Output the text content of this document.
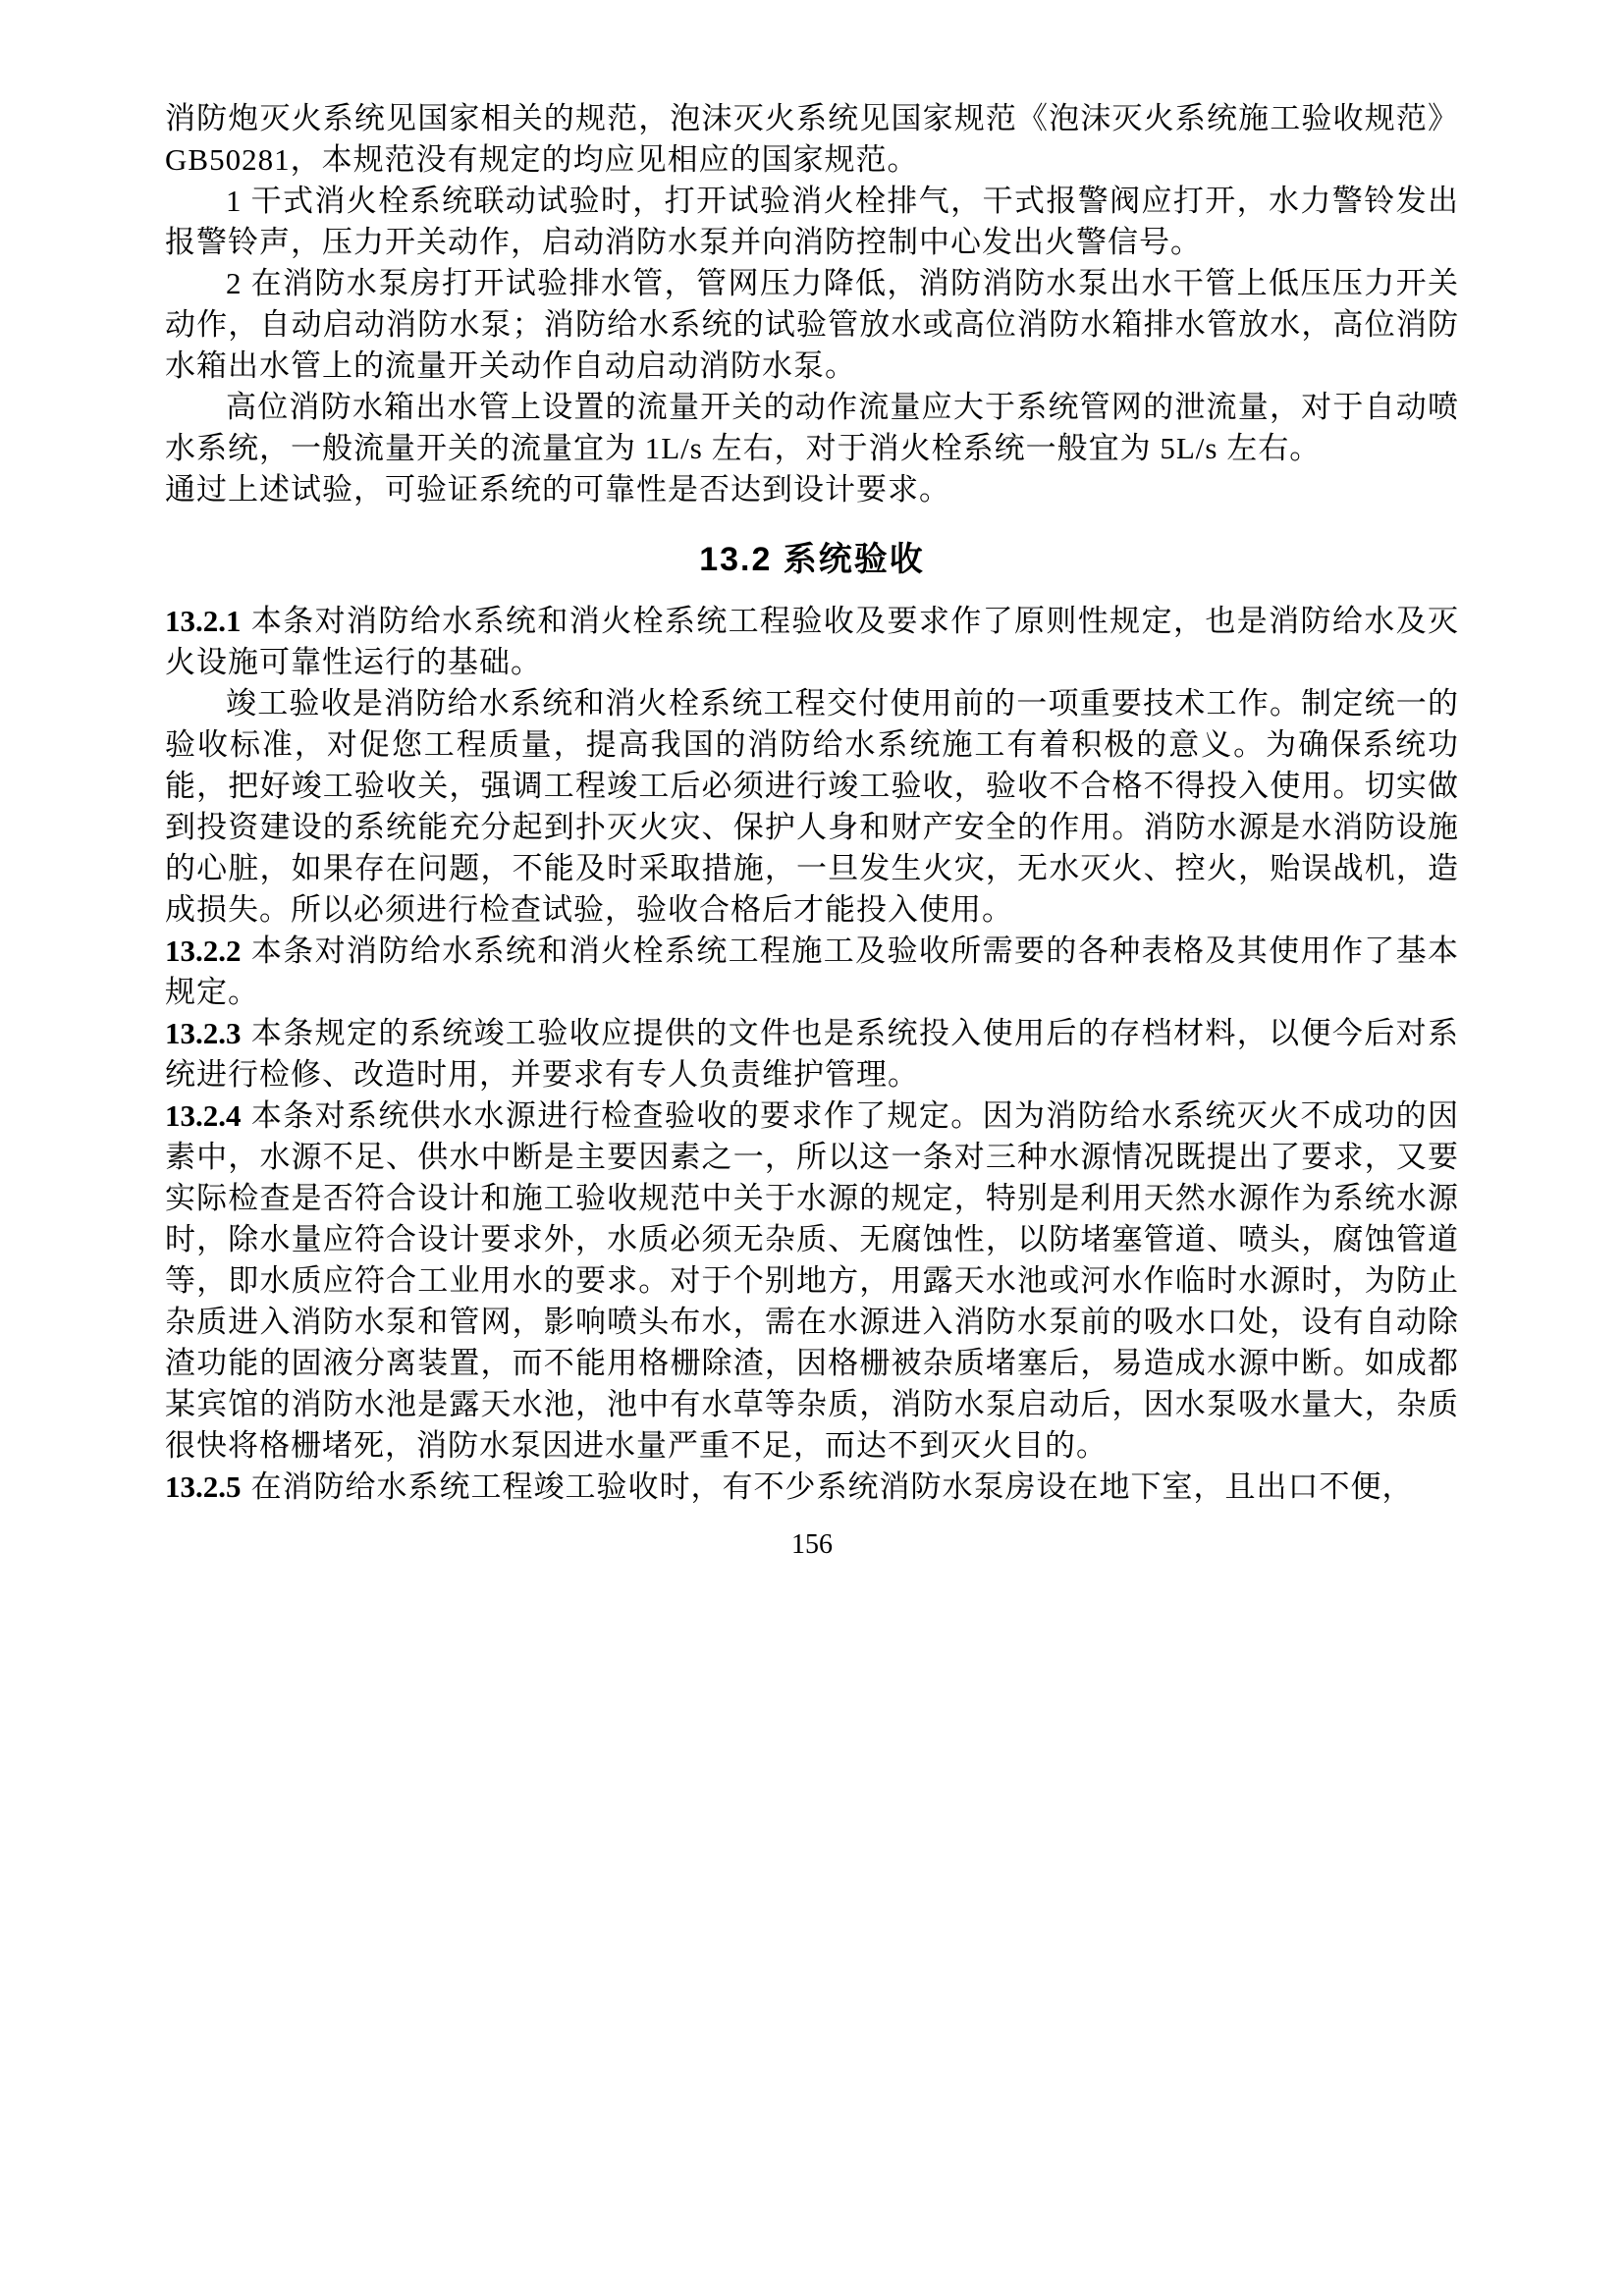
消防炮灭火系统见国家相关的规范，泡沫灭火系统见国家规范《泡沫灭火系统施工验收规范》GB50281，本规范没有规定的均应见相应的国家规范。

1 干式消火栓系统联动试验时，打开试验消火栓排气，干式报警阀应打开，水力警铃发出报警铃声，压力开关动作，启动消防水泵并向消防控制中心发出火警信号。

2 在消防水泵房打开试验排水管，管网压力降低，消防消防水泵出水干管上低压压力开关动作，自动启动消防水泵；消防给水系统的试验管放水或高位消防水箱排水管放水，高位消防水箱出水管上的流量开关动作自动启动消防水泵。

高位消防水箱出水管上设置的流量开关的动作流量应大于系统管网的泄流量，对于自动喷水系统，一般流量开关的流量宜为 1L/s 左右，对于消火栓系统一般宜为 5L/s 左右。

通过上述试验，可验证系统的可靠性是否达到设计要求。

13.2 系统验收

13.2.1 本条对消防给水系统和消火栓系统工程验收及要求作了原则性规定，也是消防给水及灭火设施可靠性运行的基础。

竣工验收是消防给水系统和消火栓系统工程交付使用前的一项重要技术工作。制定统一的验收标准，对促您工程质量，提高我国的消防给水系统施工有着积极的意义。为确保系统功能，把好竣工验收关，强调工程竣工后必须进行竣工验收，验收不合格不得投入使用。切实做到投资建设的系统能充分起到扑灭火灾、保护人身和财产安全的作用。消防水源是水消防设施的心脏，如果存在问题，不能及时采取措施，一旦发生火灾，无水灭火、控火，贻误战机，造成损失。所以必须进行检查试验，验收合格后才能投入使用。

13.2.2 本条对消防给水系统和消火栓系统工程施工及验收所需要的各种表格及其使用作了基本规定。

13.2.3 本条规定的系统竣工验收应提供的文件也是系统投入使用后的存档材料，以便今后对系统进行检修、改造时用，并要求有专人负责维护管理。

13.2.4 本条对系统供水水源进行检查验收的要求作了规定。因为消防给水系统灭火不成功的因素中，水源不足、供水中断是主要因素之一，所以这一条对三种水源情况既提出了要求，又要实际检查是否符合设计和施工验收规范中关于水源的规定，特别是利用天然水源作为系统水源时，除水量应符合设计要求外，水质必须无杂质、无腐蚀性，以防堵塞管道、喷头，腐蚀管道等，即水质应符合工业用水的要求。对于个别地方，用露天水池或河水作临时水源时，为防止杂质进入消防水泵和管网，影响喷头布水，需在水源进入消防水泵前的吸水口处，设有自动除渣功能的固液分离装置，而不能用格栅除渣，因格栅被杂质堵塞后，易造成水源中断。如成都某宾馆的消防水池是露天水池，池中有水草等杂质，消防水泵启动后，因水泵吸水量大，杂质很快将格栅堵死，消防水泵因进水量严重不足，而达不到灭火目的。

13.2.5 在消防给水系统工程竣工验收时，有不少系统消防水泵房设在地下室，且出口不便，

156
